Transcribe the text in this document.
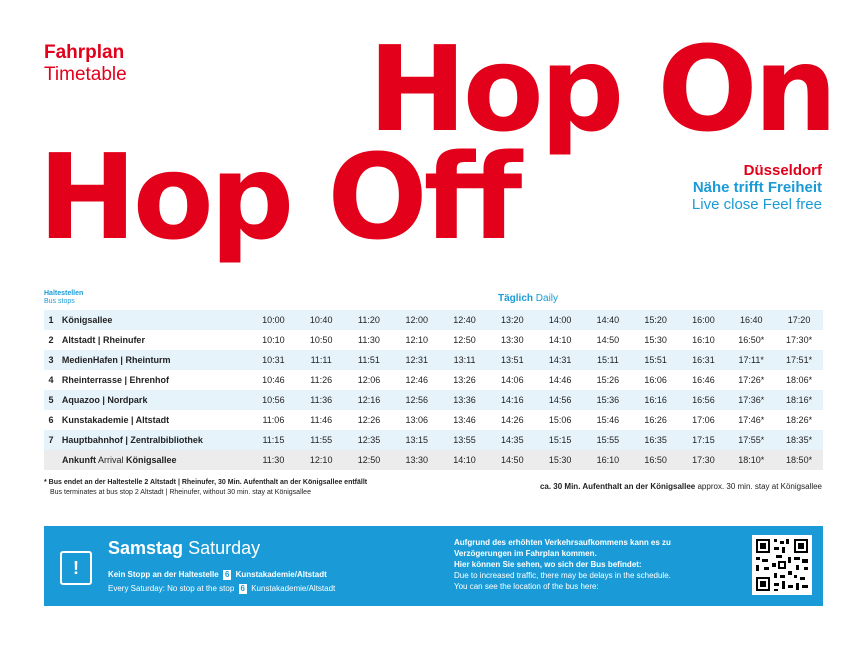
Fahrplan
Timetable Hop On
Hop Off	Düsseldorf
Nähe trifft Freiheit
Live close Feel free
Haltestellen
Bus stops	Täglich Daily
1	Königsallee	10:00	10:40	11:20	12:00	12:40	13:20	14:00	14:40	15:20	16:00	16:40	17:20
2	Altstadt | Rheinufer	10:10	10:50	11:30	12:10	12:50	13:30	14:10	14:50	15:30	16:10	16:50*	17:30*
3	MedienHafen | Rheinturm	10:31	11:11	11:51	12:31	13:11	13:51	14:31	15:11	15:51	16:31	17:11*	17:51*
4	Rheinterrasse | Ehrenhof	10:46	11:26	12:06	12:46	13:26	14:06	14:46	15:26	16:06	16:46	17:26*	18:06*
5	Aquazoo | Nordpark	10:56	11:36	12:16	12:56	13:36	14:16	14:56	15:36	16:16	16:56	17:36*	18:16*
6	Kunstakademie | Altstadt	11:06	11:46	12:26	13:06	13:46	14:26	15:06	15:46	16:26	17:06	17:46*	18:26*
7	Hauptbahnhof | Zentralbibliothek	11:15	11:55	12:35	13:15	13:55	14:35	15:15	15:55	16:35	17:15	17:55*	18:35*
Ankunft Arrival Königsallee		11:30	12:10	12:50	13:30	14:10	14:50	15:30	16:10	16:50	17:30	18:10*	18:50*
* Bus endet an der Haltestelle 2 Altstadt | Rheinufer, 30 Min. Aufenthalt an der Königsallee entfällt
Bus terminates at bus stop 2 Altstadt | Rheinufer, without 30 min. stay at Königsallee
ca. 30 Min. Aufenthalt an der Königsallee approx. 30 min. stay at Königsallee
!
Samstag Saturday
Kein Stopp an der Haltestelle 6 Kunstakademie/Altstadt
Every Saturday: No stop at the stop 6 Kunstakademie/Altstadt
Aufgrund des erhöhten Verkehrsaufkommens kann es zu
Verzögerungen im Fahrplan kommen.
Hier können Sie sehen, wo sich der Bus befindet:
Due to increased traffic, there may be delays in the schedule.
You can see the location of the bus here:
